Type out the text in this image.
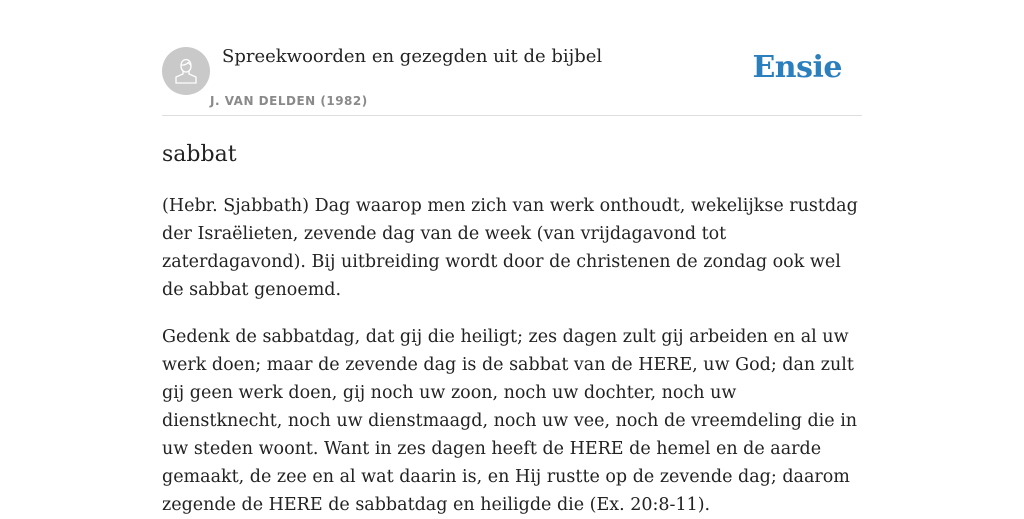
Spreekwoorden en gezegden uit de bijbel
J. VAN DELDEN (1982)
Ensie
sabbat

(Hebr. Sjabbath) Dag waarop men zich van werk onthoudt, wekelijkse rustdag der Israëlieten, zevende dag van de week (van vrijdagavond tot zaterdagavond). Bij uitbreiding wordt door de christenen de zondag ook wel de sabbat genoemd.

Gedenk de sabbatdag, dat gij die heiligt; zes dagen zult gij arbeiden en al uw werk doen; maar de zevende dag is de sabbat van de HERE, uw God; dan zult gij geen werk doen, gij noch uw zoon, noch uw dochter, noch uw dienstknecht, noch uw dienstmaagd, noch uw vee, noch de vreemdeling die in uw steden woont. Want in zes dagen heeft de HERE de hemel en de aarde gemaakt, de zee en al wat daarin is, en Hij rustte op de zevende dag; daarom zegende de HERE de sabbatdag en heiligde die (Ex. 20:8-11).
